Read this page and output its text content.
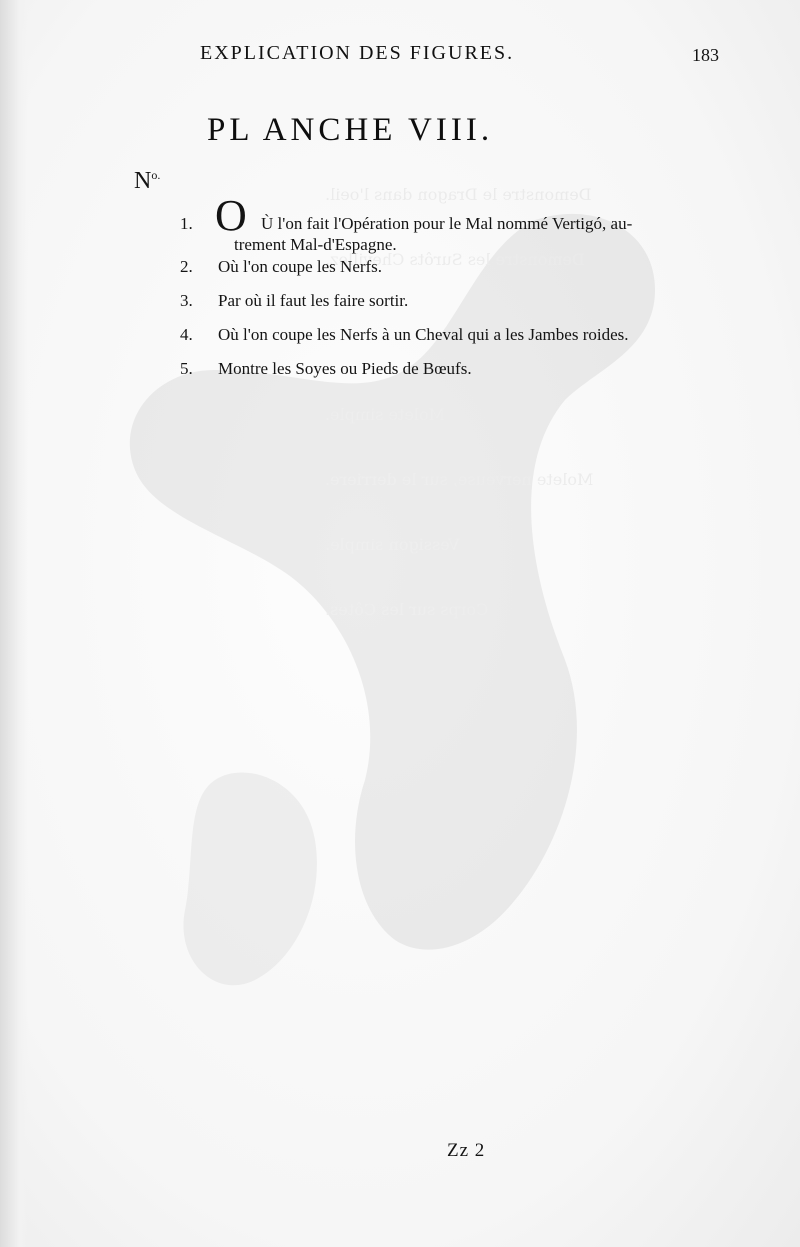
Demonstre le Dragon dans l'oeil.
Demonstre les Surôts Chevillez.
Molete simple.
Molete nerveuse, sur le derriere.
Vessigon simple.
Corps sur les Côtes.
EXPLICATION DES FIGURES.	183
PL ANCHE VIII.
$N^{o.}$
1. O Ù l'on fait l'Opération pour le Mal nommé Vertigó, au-
trement Mal-d'Espagne.
2. Où l'on coupe les Nerfs.
3. Par où il faut les faire sortir.
4. Où l'on coupe les Nerfs à un Cheval qui a les Jambes roides.
5. Montre les Soyes ou Pieds de Bœufs.
Zz 2
